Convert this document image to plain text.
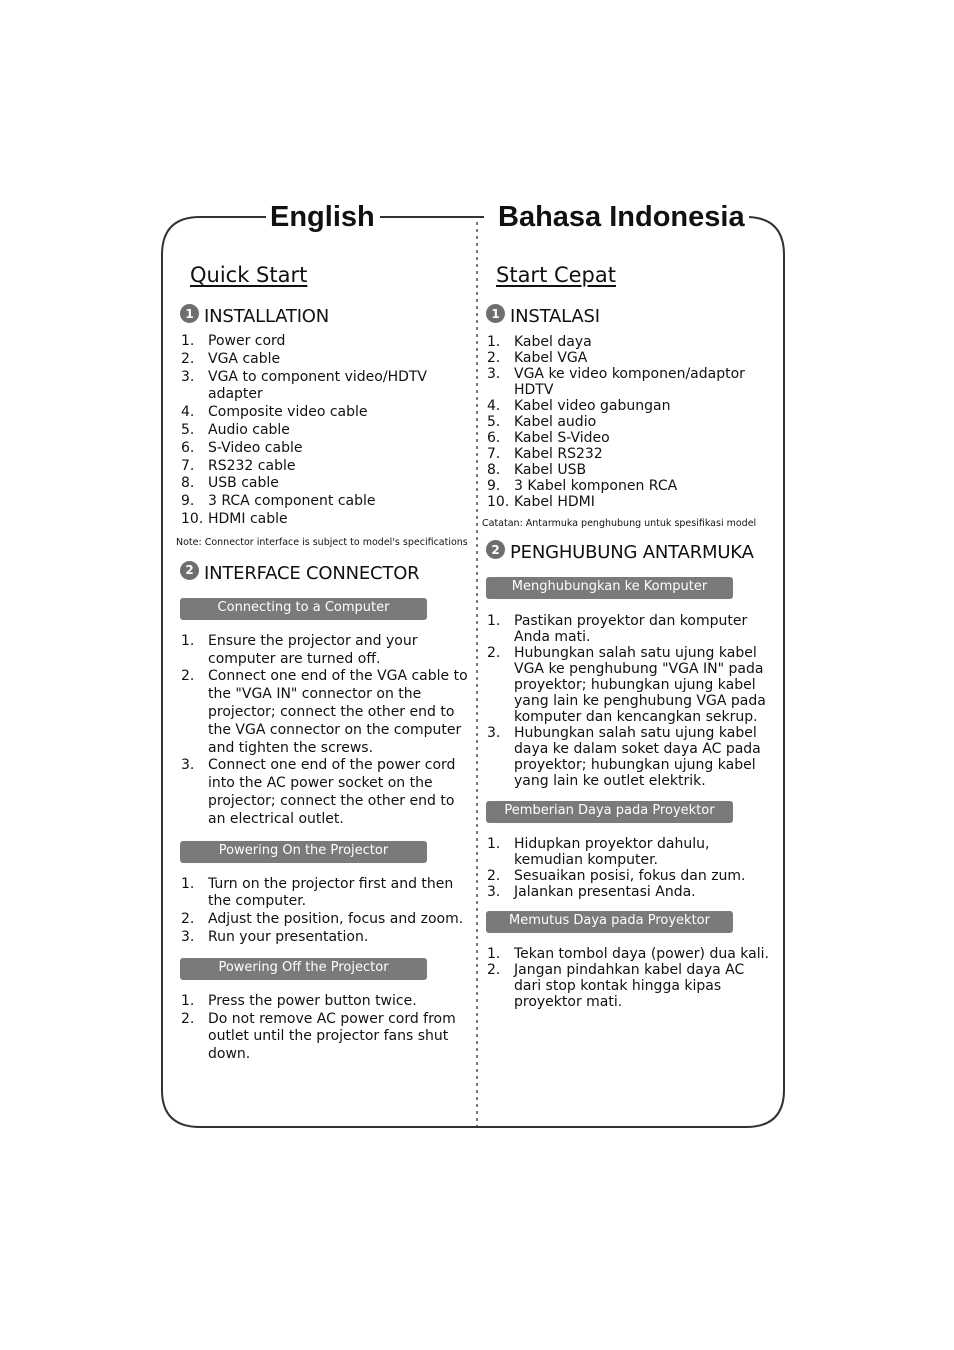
English	Bahasa Indonesia
Quick Start
1 INSTALLATION
1. Power cord
2. VGA cable
3. VGA to component video/HDTV adapter
4. Composite video cable
5. Audio cable
6. S-Video cable
7. RS232 cable
8. USB cable
9. 3 RCA component cable
10. HDMI cable
Note: Connector interface is subject to model's specifications
2 INTERFACE CONNECTOR
Connecting to a Computer
1. Ensure the projector and your computer are turned off.
2. Connect one end of the VGA cable to the "VGA IN" connector on the projector; connect the other end to the VGA connector on the computer and tighten the screws.
3. Connect one end of the power cord into the AC power socket on the projector; connect the other end to an electrical outlet.
Powering On the Projector
1. Turn on the projector first and then the computer.
2. Adjust the position, focus and zoom.
3. Run your presentation.
Powering Off the Projector
1. Press the power button twice.
2. Do not remove AC power cord from outlet until the projector fans shut down.
Start Cepat
1 INSTALASI
1. Kabel daya
2. Kabel VGA
3. VGA ke video komponen/adaptor HDTV
4. Kabel video gabungan
5. Kabel audio
6. Kabel S-Video
7. Kabel RS232
8. Kabel USB
9. 3 Kabel komponen RCA
10. Kabel HDMI
Catatan: Antarmuka penghubung untuk spesifikasi model
2 PENGHUBUNG ANTARMUKA
Menghubungkan ke Komputer
1. Pastikan proyektor dan komputer Anda mati.
2. Hubungkan salah satu ujung kabel VGA ke penghubung "VGA IN" pada proyektor; hubungkan ujung kabel yang lain ke penghubung VGA pada komputer dan kencangkan sekrup.
3. Hubungkan salah satu ujung kabel daya ke dalam soket daya AC pada proyektor; hubungkan ujung kabel yang lain ke outlet elektrik.
Pemberian Daya pada Proyektor
1. Hidupkan proyektor dahulu, kemudian komputer.
2. Sesuaikan posisi, fokus dan zum.
3. Jalankan presentasi Anda.
Memutus Daya pada Proyektor
1. Tekan tombol daya (power) dua kali.
2. Jangan pindahkan kabel daya AC dari stop kontak hingga kipas proyektor mati.
